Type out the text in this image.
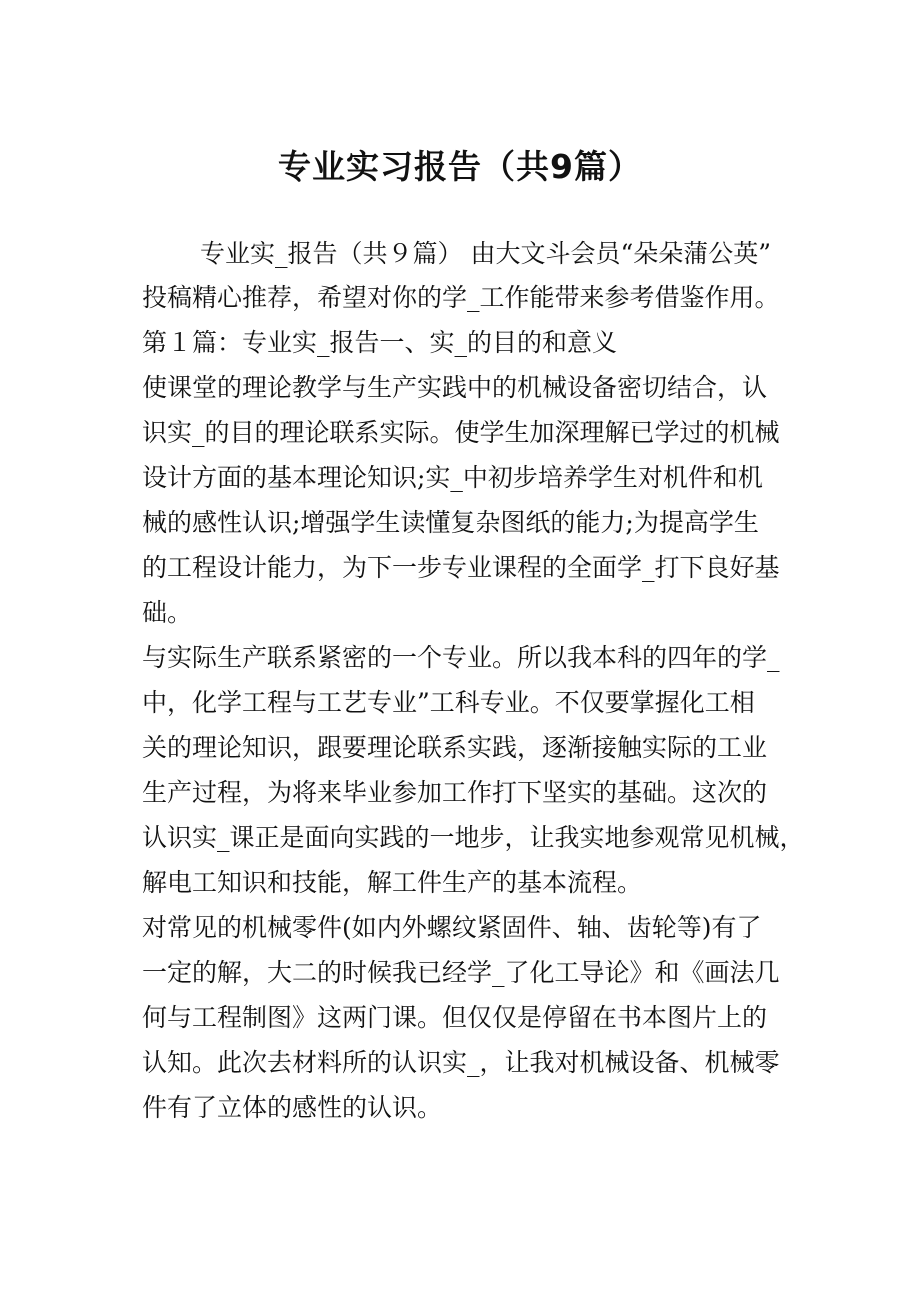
专业实习报告（共9篇）
专业实_报告（共９篇） 由大文斗会员“朵朵蒲公英”
投稿精心推荐，希望对你的学_工作能带来参考借鉴作用。
第１篇：专业实_报告一、实_的目的和意义
使课堂的理论教学与生产实践中的机械设备密切结合，认
识实_的目的理论联系实际。使学生加深理解已学过的机械
设计方面的基本理论知识;实_中初步培养学生对机件和机
械的感性认识;增强学生读懂复杂图纸的能力;为提高学生
的工程设计能力，为下一步专业课程的全面学_打下良好基
础。
与实际生产联系紧密的一个专业。所以我本科的四年的学_
中，化学工程与工艺专业”工科专业。不仅要掌握化工相
关的理论知识，跟要理论联系实践，逐渐接触实际的工业
生产过程，为将来毕业参加工作打下坚实的基础。这次的
认识实_课正是面向实践的一地步，让我实地参观常见机械，
解电工知识和技能，解工件生产的基本流程。
对常见的机械零件(如内外螺纹紧固件、轴、齿轮等)有了
一定的解，大二的时候我已经学_了化工导论》和《画法几
何与工程制图》这两门课。但仅仅是停留在书本图片上的
认知。此次去材料所的认识实_，让我对机械设备、机械零
件有了立体的感性的认识。
